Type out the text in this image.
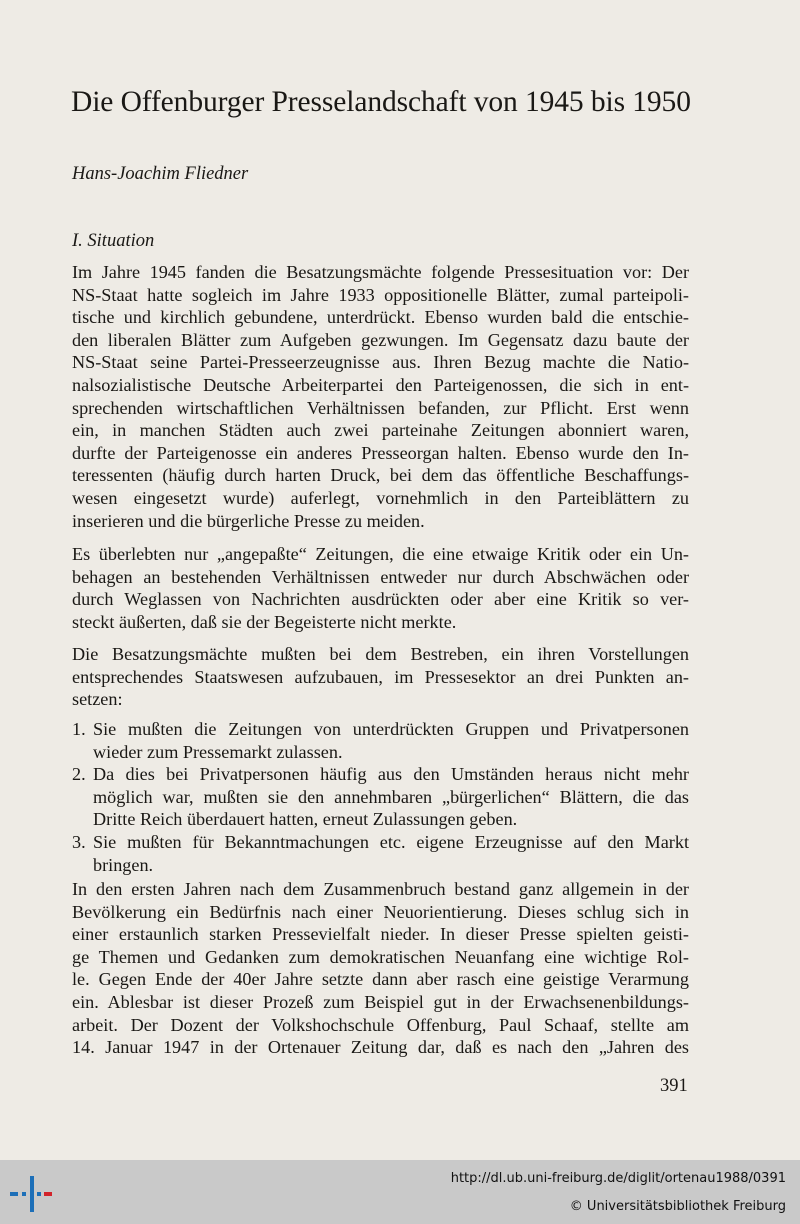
Die Offenburger Presselandschaft von 1945 bis 1950

Hans-Joachim Fliedner

I. Situation

Im Jahre 1945 fanden die Besatzungsmächte folgende Pressesituation vor: Der
NS-Staat hatte sogleich im Jahre 1933 oppositionelle Blätter, zumal parteipoli-
tische und kirchlich gebundene, unterdrückt. Ebenso wurden bald die entschie-
den liberalen Blätter zum Aufgeben gezwungen. Im Gegensatz dazu baute der
NS-Staat seine Partei-Presseerzeugnisse aus. Ihren Bezug machte die Natio-
nalsozialistische Deutsche Arbeiterpartei den Parteigenossen, die sich in ent-
sprechenden wirtschaftlichen Verhältnissen befanden, zur Pflicht. Erst wenn
ein, in manchen Städten auch zwei parteinahe Zeitungen abonniert waren,
durfte der Parteigenosse ein anderes Presseorgan halten. Ebenso wurde den In-
teressenten (häufig durch harten Druck, bei dem das öffentliche Beschaffungs-
wesen eingesetzt wurde) auferlegt, vornehmlich in den Parteiblättern zu
inserieren und die bürgerliche Presse zu meiden.
Es überlebten nur „angepaßte“ Zeitungen, die eine etwaige Kritik oder ein Un-
behagen an bestehenden Verhältnissen entweder nur durch Abschwächen oder
durch Weglassen von Nachrichten ausdrückten oder aber eine Kritik so ver-
steckt äußerten, daß sie der Begeisterte nicht merkte.
Die Besatzungsmächte mußten bei dem Bestreben, ein ihren Vorstellungen
entsprechendes Staatswesen aufzubauen, im Pressesektor an drei Punkten an-
setzen:
1. Sie mußten die Zeitungen von unterdrückten Gruppen und Privatpersonen
wieder zum Pressemarkt zulassen.
2. Da dies bei Privatpersonen häufig aus den Umständen heraus nicht mehr
möglich war, mußten sie den annehmbaren „bürgerlichen“ Blättern, die das
Dritte Reich überdauert hatten, erneut Zulassungen geben.
3. Sie mußten für Bekanntmachungen etc. eigene Erzeugnisse auf den Markt
bringen.
In den ersten Jahren nach dem Zusammenbruch bestand ganz allgemein in der
Bevölkerung ein Bedürfnis nach einer Neuorientierung. Dieses schlug sich in
einer erstaunlich starken Pressevielfalt nieder. In dieser Presse spielten geisti-
ge Themen und Gedanken zum demokratischen Neuanfang eine wichtige Rol-
le. Gegen Ende der 40er Jahre setzte dann aber rasch eine geistige Verarmung
ein. Ablesbar ist dieser Prozeß zum Beispiel gut in der Erwachsenenbildungs-
arbeit. Der Dozent der Volkshochschule Offenburg, Paul Schaaf, stellte am
14. Januar 1947 in der Ortenauer Zeitung dar, daß es nach den „Jahren des

391

http://dl.ub.uni-freiburg.de/diglit/ortenau1988/0391

© Universitätsbibliothek Freiburg
